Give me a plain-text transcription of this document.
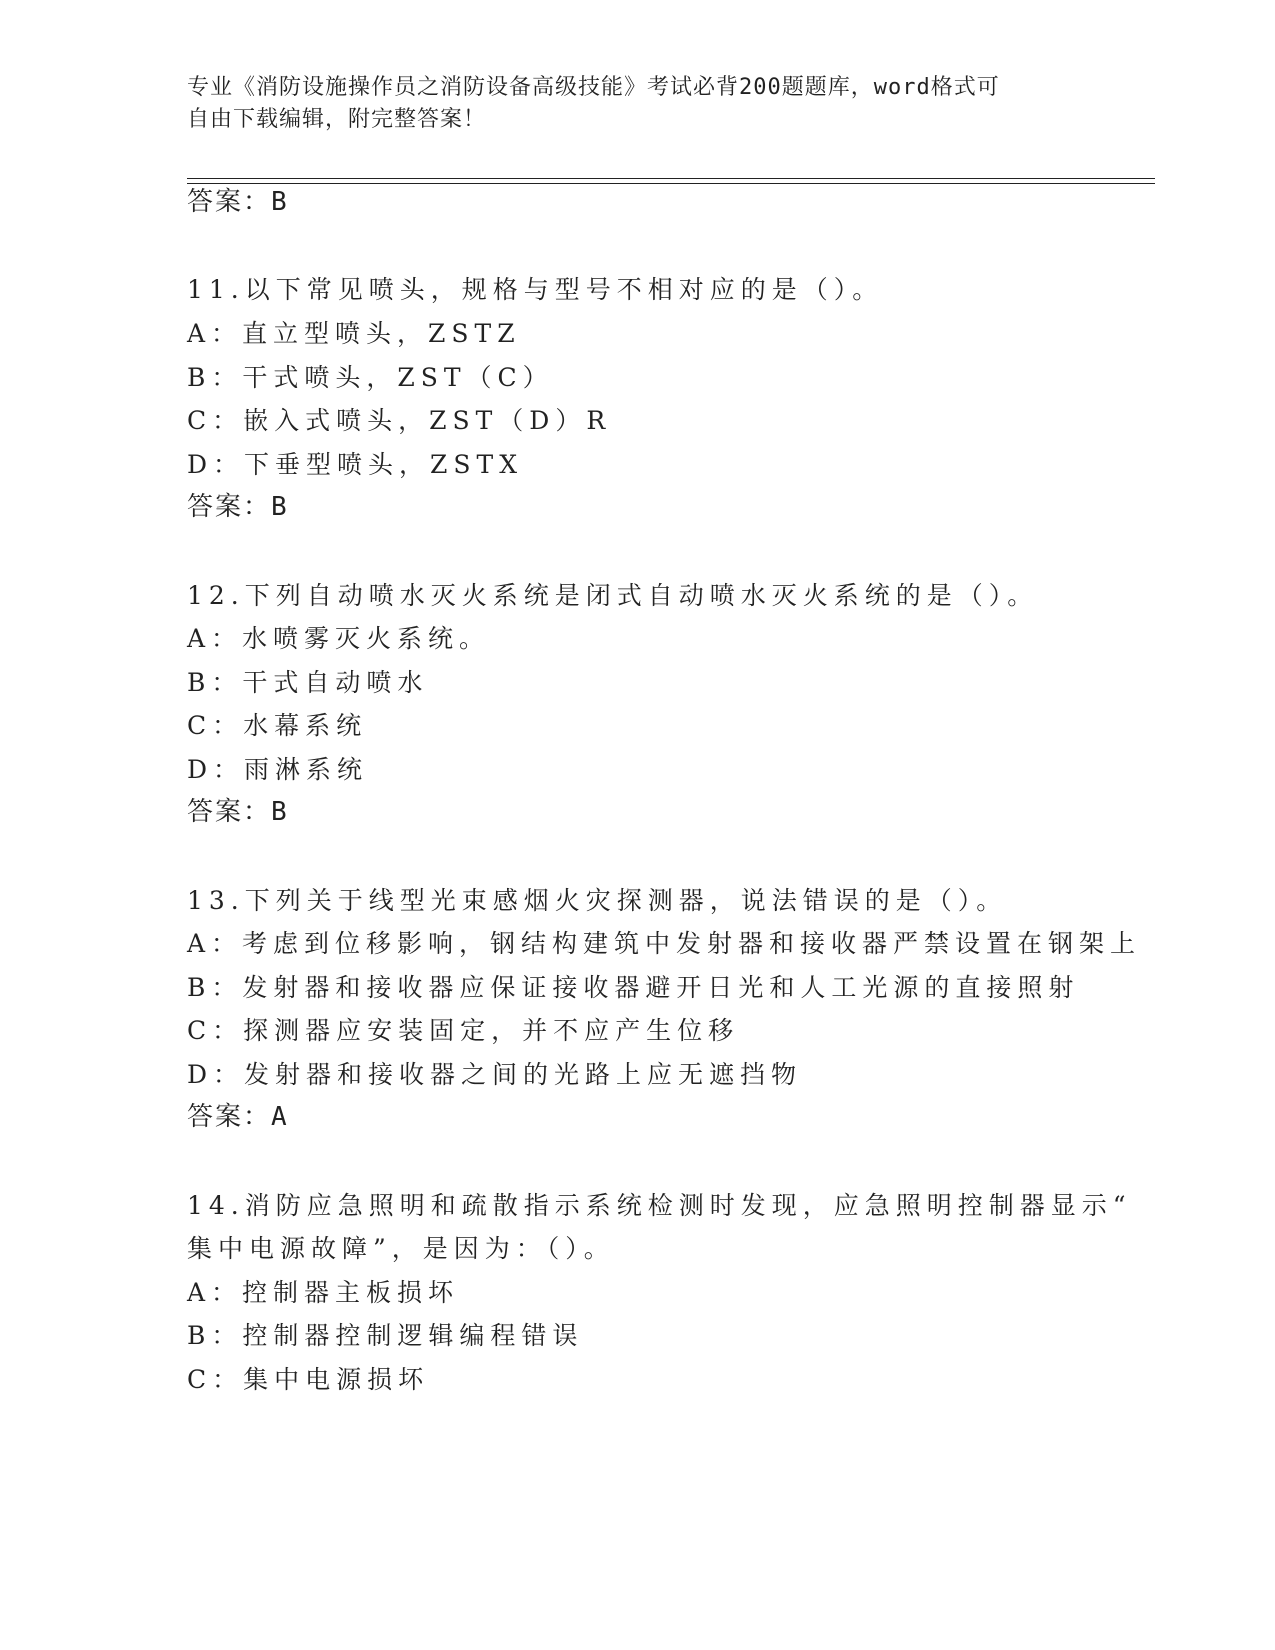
专业《消防设施操作员之消防设备高级技能》考试必背200题题库，word格式可
自由下载编辑，附完整答案！
答案：B
11.以下常见喷头，规格与型号不相对应的是（）。
A：直立型喷头，ZSTZ
B：干式喷头，ZST（C）
C：嵌入式喷头，ZST（D）R
D：下垂型喷头，ZSTX
答案：B
12.下列自动喷水灭火系统是闭式自动喷水灭火系统的是（）。
A：水喷雾灭火系统。
B：干式自动喷水
C：水幕系统
D：雨淋系统
答案：B
13.下列关于线型光束感烟火灾探测器，说法错误的是（）。
A：考虑到位移影响，钢结构建筑中发射器和接收器严禁设置在钢架上
B：发射器和接收器应保证接收器避开日光和人工光源的直接照射
C：探测器应安装固定，并不应产生位移
D：发射器和接收器之间的光路上应无遮挡物
答案：A
14.消防应急照明和疏散指示系统检测时发现，应急照明控制器显示“
集中电源故障”，是因为：（）。
A：控制器主板损坏
B：控制器控制逻辑编程错误
C：集中电源损坏
